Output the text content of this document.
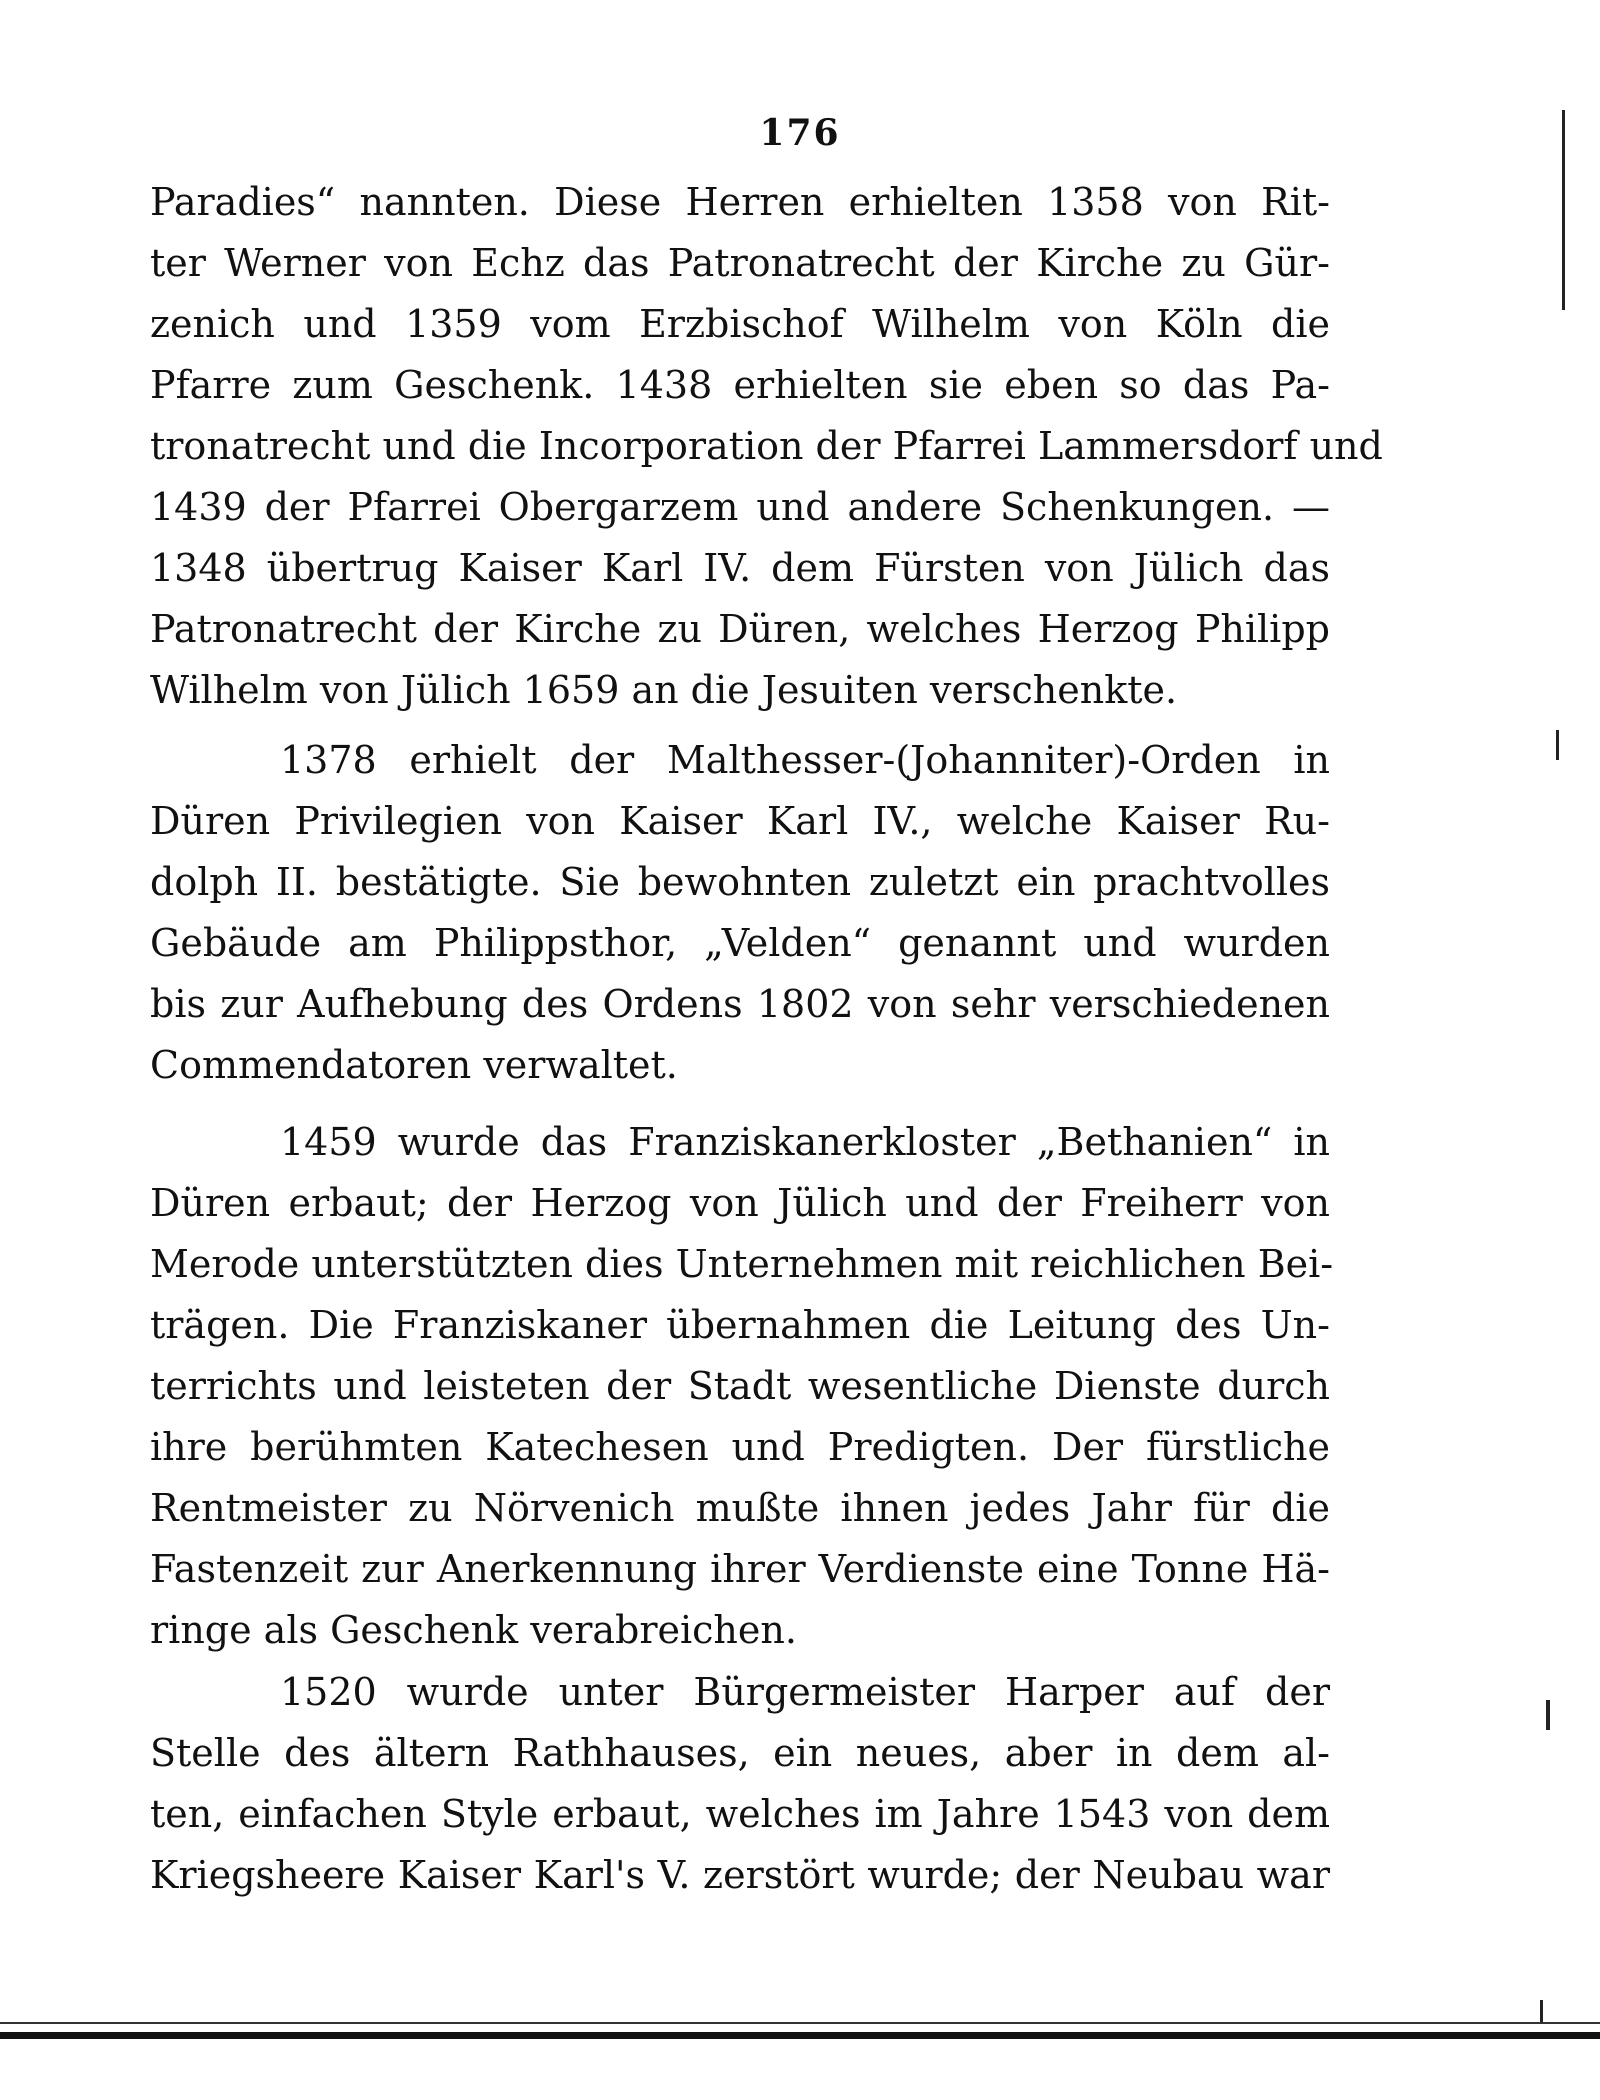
176
Paradies“ nannten. Diese Herren erhielten 1358 von Rit-
ter Werner von Echz das Patronatrecht der Kirche zu Gür-
zenich und 1359 vom Erzbischof Wilhelm von Köln die
Pfarre zum Geschenk. 1438 erhielten sie eben so das Pa-
tronatrecht und die Incorporation der Pfarrei Lammersdorf und
1439 der Pfarrei Obergarzem und andere Schenkungen. —
1348 übertrug Kaiser Karl IV. dem Fürsten von Jülich das
Patronatrecht der Kirche zu Düren, welches Herzog Philipp
Wilhelm von Jülich 1659 an die Jesuiten verschenkte.
1378 erhielt der Malthesser-(Johanniter)-Orden in
Düren Privilegien von Kaiser Karl IV., welche Kaiser Ru-
dolph II. bestätigte. Sie bewohnten zuletzt ein prachtvolles
Gebäude am Philippsthor, „Velden“ genannt und wurden
bis zur Aufhebung des Ordens 1802 von sehr verschiedenen
Commendatoren verwaltet.
1459 wurde das Franziskanerkloster „Bethanien“ in
Düren erbaut; der Herzog von Jülich und der Freiherr von
Merode unterstützten dies Unternehmen mit reichlichen Bei-
trägen. Die Franziskaner übernahmen die Leitung des Un-
terrichts und leisteten der Stadt wesentliche Dienste durch
ihre berühmten Katechesen und Predigten. Der fürstliche
Rentmeister zu Nörvenich mußte ihnen jedes Jahr für die
Fastenzeit zur Anerkennung ihrer Verdienste eine Tonne Hä-
ringe als Geschenk verabreichen.
1520 wurde unter Bürgermeister Harper auf der
Stelle des ältern Rathhauses, ein neues, aber in dem al-
ten, einfachen Style erbaut, welches im Jahre 1543 von dem
Kriegsheere Kaiser Karl's V. zerstört wurde; der Neubau war
